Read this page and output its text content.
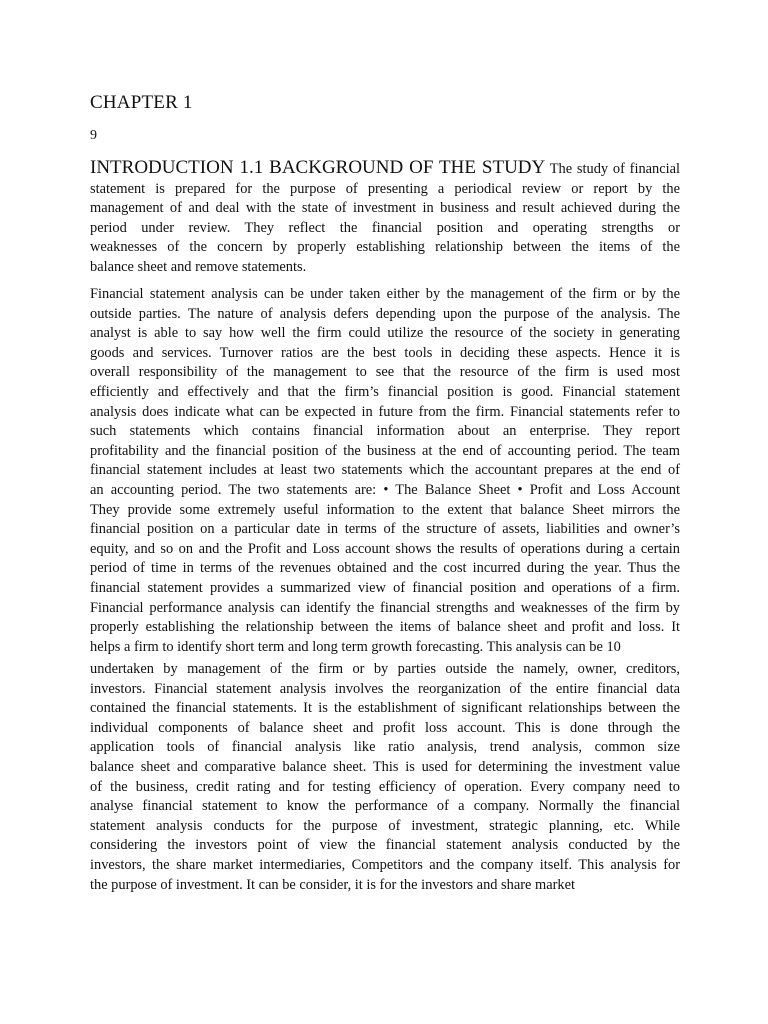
CHAPTER 1
9
INTRODUCTION 1.1 BACKGROUND OF THE STUDY The study of financial
statement is prepared for the purpose of presenting a periodical review or report by the
management of and deal with the state of investment in business and result achieved during the
period under review. They reflect the financial position and operating strengths or
weaknesses of the concern by properly establishing relationship between the items of the
balance sheet and remove statements.
Financial statement analysis can be under taken either by the management of the firm or by the
outside parties. The nature of analysis defers depending upon the purpose of the analysis. The
analyst is able to say how well the firm could utilize the resource of the society in generating
goods and services. Turnover ratios are the best tools in deciding these aspects. Hence it is
overall responsibility of the management to see that the resource of the firm is used most
efficiently and effectively and that the firm’s financial position is good. Financial statement
analysis does indicate what can be expected in future from the firm. Financial statements refer to
such statements which contains financial information about an enterprise. They report
profitability and the financial position of the business at the end of accounting period. The team
financial statement includes at least two statements which the accountant prepares at the end of
an accounting period. The two statements are: • The Balance Sheet • Profit and Loss Account
They provide some extremely useful information to the extent that balance Sheet mirrors the
financial position on a particular date in terms of the structure of assets, liabilities and owner’s
equity, and so on and the Profit and Loss account shows the results of operations during a certain
period of time in terms of the revenues obtained and the cost incurred during the year. Thus the
financial statement provides a summarized view of financial position and operations of a firm.
Financial performance analysis can identify the financial strengths and weaknesses of the firm by
properly establishing the relationship between the items of balance sheet and profit and loss. It
helps a firm to identify short term and long term growth forecasting. This analysis can be 10
undertaken by management of the firm or by parties outside the namely, owner, creditors,
investors. Financial statement analysis involves the reorganization of the entire financial data
contained the financial statements. It is the establishment of significant relationships between the
individual components of balance sheet and profit loss account. This is done through the
application tools of financial analysis like ratio analysis, trend analysis, common size
balance sheet and comparative balance sheet. This is used for determining the investment value
of the business, credit rating and for testing efficiency of operation. Every company need to
analyse financial statement to know the performance of a company. Normally the financial
statement analysis conducts for the purpose of investment, strategic planning, etc. While
considering the investors point of view the financial statement analysis conducted by the
investors, the share market intermediaries, Competitors and the company itself. This analysis for
the purpose of investment. It can be consider, it is for the investors and share market
